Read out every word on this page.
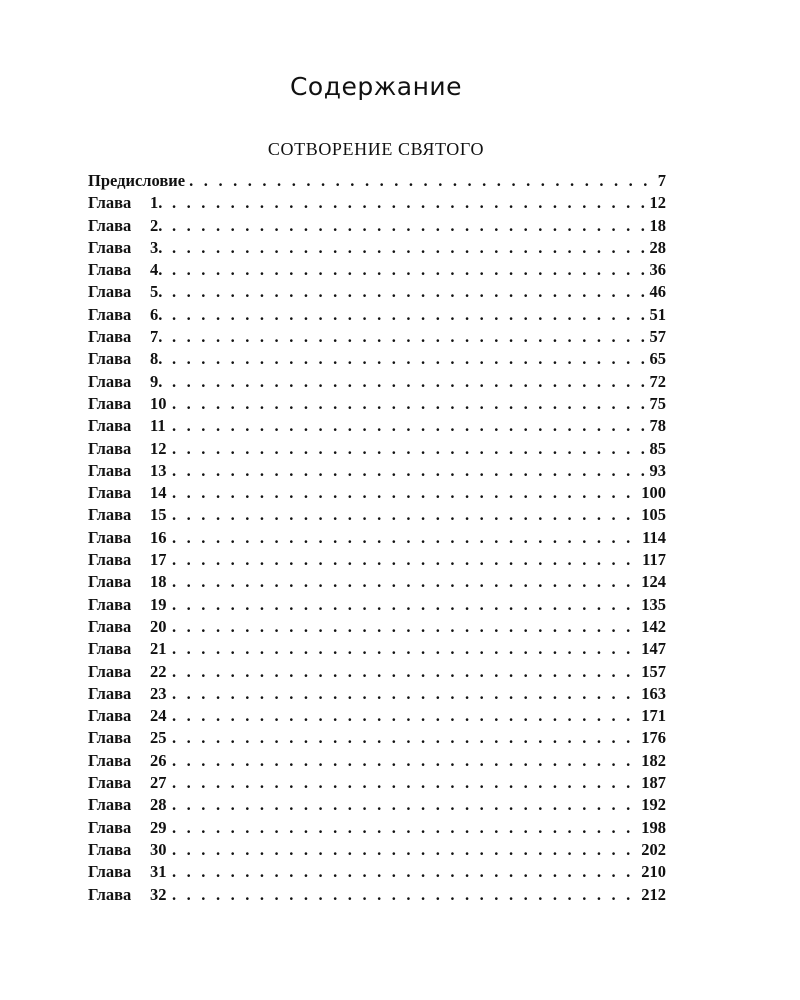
Содержание
СОТВОРЕНИЕ СВЯТОГО
Предисловие . . .	7
Глава 1. . . .	12
Глава 2. . . .	18
Глава 3. . . .	28
Глава 4. . . .	36
Глава 5. . . .	46
Глава 6. . . .	51
Глава 7. . . .	57
Глава 8. . . .	65
Глава 9. . . .	72
Глава 10 . . .	75
Глава 11 . . .	78
Глава 12 . . .	85
Глава 13 . . .	93
Глава 14 . . .	100
Глава 15 . . .	105
Глава 16 . . .	114
Глава 17 . . .	117
Глава 18 . . .	124
Глава 19 . . .	135
Глава 20 . . .	142
Глава 21 . . .	147
Глава 22 . . .	157
Глава 23 . . .	163
Глава 24 . . .	171
Глава 25 . . .	176
Глава 26 . . .	182
Глава 27 . . .	187
Глава 28 . . .	192
Глава 29 . . .	198
Глава 30 . . .	202
Глава 31 . . .	210
Глава 32 . . .	212
